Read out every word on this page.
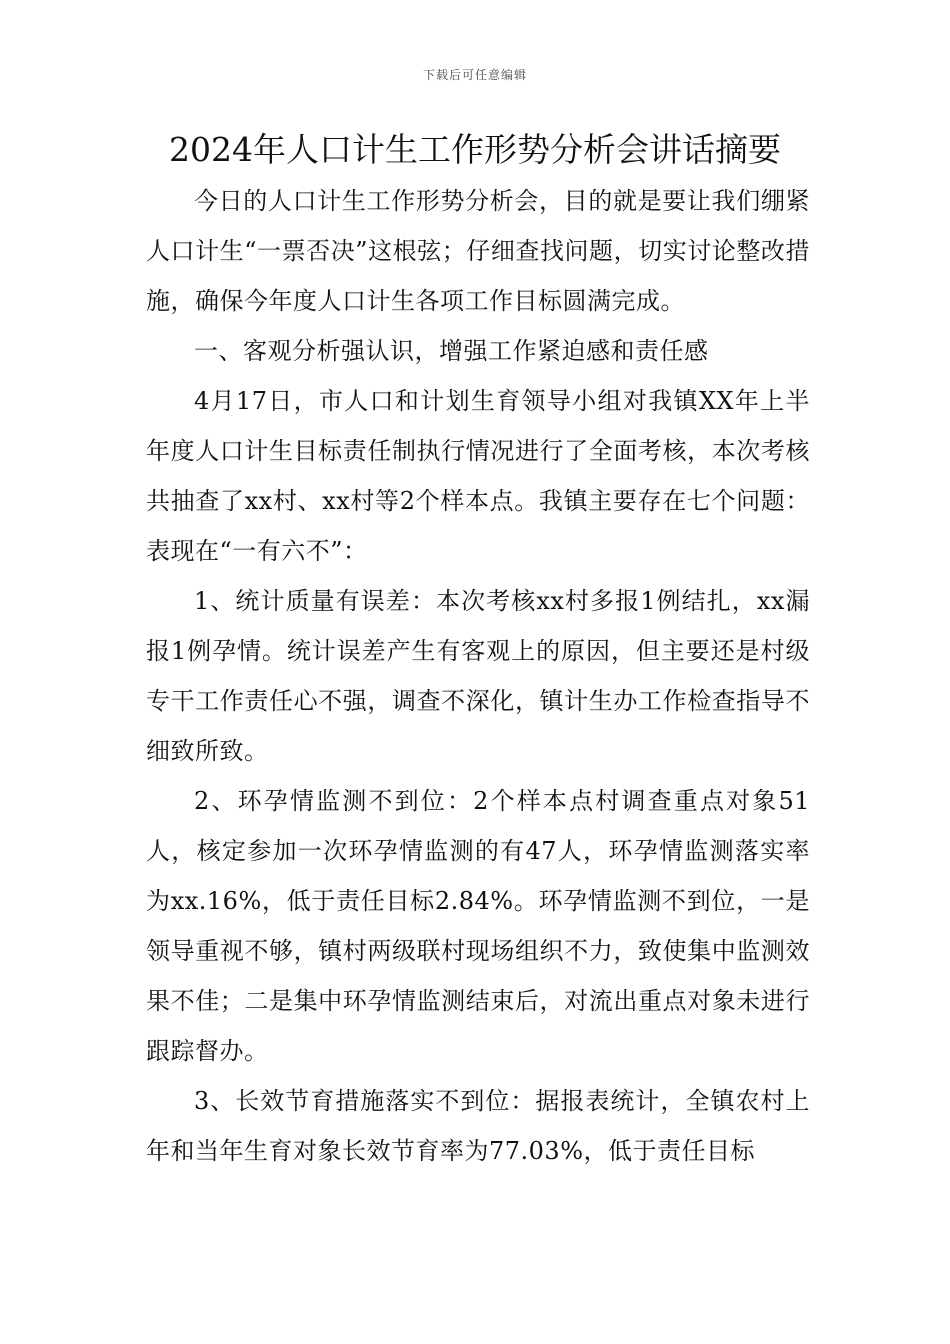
下载后可任意编辑
2024年人口计生工作形势分析会讲话摘要

今日的人口计生工作形势分析会，目的就是要让我们绷紧人口计生“一票否决”这根弦；仔细查找问题，切实讨论整改措施，确保今年度人口计生各项工作目标圆满完成。

一、客观分析强认识，增强工作紧迫感和责任感

4月17日，市人口和计划生育领导小组对我镇XX年上半年度人口计生目标责任制执行情况进行了全面考核，本次考核共抽查了xx村、xx村等2个样本点。我镇主要存在七个问题：表现在“一有六不”：

1、统计质量有误差：本次考核xx村多报1例结扎，xx漏报1例孕情。统计误差产生有客观上的原因，但主要还是村级专干工作责任心不强，调查不深化，镇计生办工作检查指导不细致所致。

2、环孕情监测不到位：2个样本点村调查重点对象51人，核定参加一次环孕情监测的有47人，环孕情监测落实率为xx.16%，低于责任目标2.84%。环孕情监测不到位，一是领导重视不够，镇村两级联村现场组织不力，致使集中监测效果不佳；二是集中环孕情监测结束后，对流出重点对象未进行跟踪督办。

3、长效节育措施落实不到位：据报表统计，全镇农村上年和当年生育对象长效节育率为77.03%，低于责任目标
